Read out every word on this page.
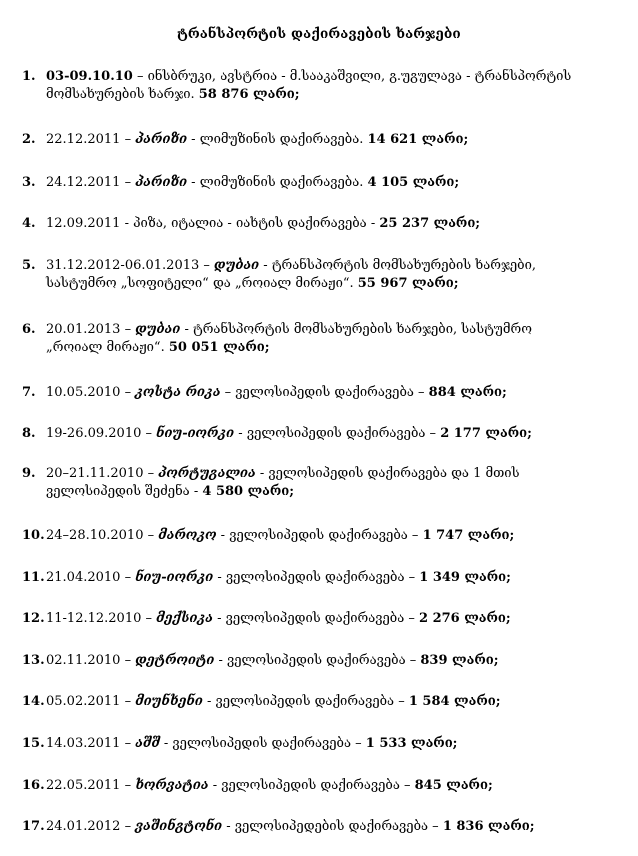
ტრანსპორტის დაქირავების ხარჯები
1. 03-09.10.10 – ინსბრუკი, ავსტრია - მ.სააკაშვილი, გ.უგულავა - ტრანსპორტის მომსახურების ხარჯი. 58 876 ლარი;
2. 22.12.2011 – პარიზი - ლიმუზინის დაქირავება. 14 621 ლარი;
3. 24.12.2011 – პარიზი - ლიმუზინის დაქირავება. 4 105 ლარი;
4. 12.09.2011 - პიზა, იტალია - იახტის დაქირავება - 25 237 ლარი;
5. 31.12.2012-06.01.2013 – დუბაი - ტრანსპორტის მომსახურების ხარჯები, სასტუმრო „სოფიტელი“ და „როიალ მირაჟი“. 55 967 ლარი;
6. 20.01.2013 – დუბაი - ტრანსპორტის მომსახურების ხარჯები, სასტუმრო „როიალ მირაჟი“. 50 051 ლარი;
7. 10.05.2010 – კოსტა რიკა – ველოსიპედის დაქირავება – 884 ლარი;
8. 19-26.09.2010 – ნიუ-იორკი - ველოსიპედის დაქირავება – 2 177 ლარი;
9. 20–21.11.2010 – პორტუგალია - ველოსიპედის დაქირავება და 1 მთის ველოსიპედის შეძენა - 4 580 ლარი;
10. 24–28.10.2010 – მაროკო - ველოსიპედის დაქირავება – 1 747 ლარი;
11. 21.04.2010 – ნიუ-იორკი - ველოსიპედის დაქირავება – 1 349 ლარი;
12. 11-12.12.2010 – მექსიკა - ველოსიპედის დაქირავება – 2 276 ლარი;
13. 02.11.2010 – დეტროიტი - ველოსიპედის დაქირავება – 839 ლარი;
14. 05.02.2011 – მიუნხენი - ველოსიპედის დაქირავება – 1 584 ლარი;
15. 14.03.2011 – აშშ - ველოსიპედის დაქირავება – 1 533 ლარი;
16. 22.05.2011 – ხორვატია - ველოსიპედის დაქირავება – 845 ლარი;
17. 24.01.2012 – ვაშინგტონი - ველოსიპედების დაქირავება – 1 836 ლარი;
